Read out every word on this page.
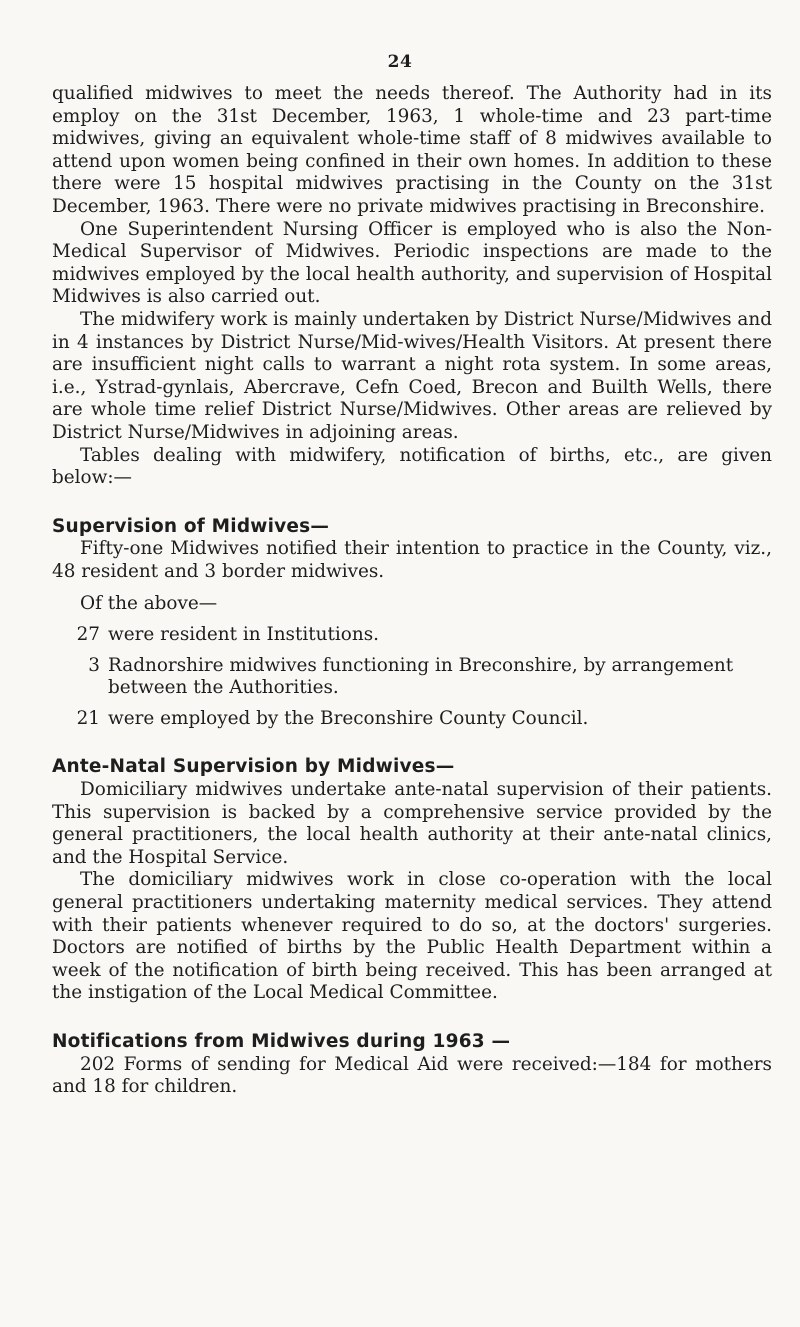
24

qualified midwives to meet the needs thereof. The Authority had in its employ on the 31st December, 1963, 1 whole-time and 23 part-time midwives, giving an equivalent whole-time staff of 8 midwives available to attend upon women being confined in their own homes. In addition to these there were 15 hospital midwives practising in the County on the 31st December, 1963. There were no private midwives practising in Breconshire.

One Superintendent Nursing Officer is employed who is also the Non-Medical Supervisor of Midwives. Periodic inspections are made to the midwives employed by the local health authority, and supervision of Hospital Midwives is also carried out.

The midwifery work is mainly undertaken by District Nurse/Midwives and in 4 instances by District Nurse/Mid-wives/Health Visitors. At present there are insufficient night calls to warrant a night rota system. In some areas, i.e., Ystrad-gynlais, Abercrave, Cefn Coed, Brecon and Builth Wells, there are whole time relief District Nurse/Midwives. Other areas are relieved by District Nurse/Midwives in adjoining areas.

Tables dealing with midwifery, notification of births, etc., are given below:—

Supervision of Midwives—

Fifty-one Midwives notified their intention to practice in the County, viz., 48 resident and 3 border midwives.

Of the above—

27 were resident in Institutions.
3 Radnorshire midwives functioning in Breconshire, by arrangement between the Authorities.
21 were employed by the Breconshire County Council.
Ante-Natal Supervision by Midwives—

Domiciliary midwives undertake ante-natal supervision of their patients. This supervision is backed by a comprehensive service provided by the general practitioners, the local health authority at their ante-natal clinics, and the Hospital Service.

The domiciliary midwives work in close co-operation with the local general practitioners undertaking maternity medical services. They attend with their patients whenever required to do so, at the doctors' surgeries. Doctors are notified of births by the Public Health Department within a week of the notification of birth being received. This has been arranged at the instigation of the Local Medical Committee.

Notifications from Midwives during 1963 —

202 Forms of sending for Medical Aid were received:—184 for mothers and 18 for children.
